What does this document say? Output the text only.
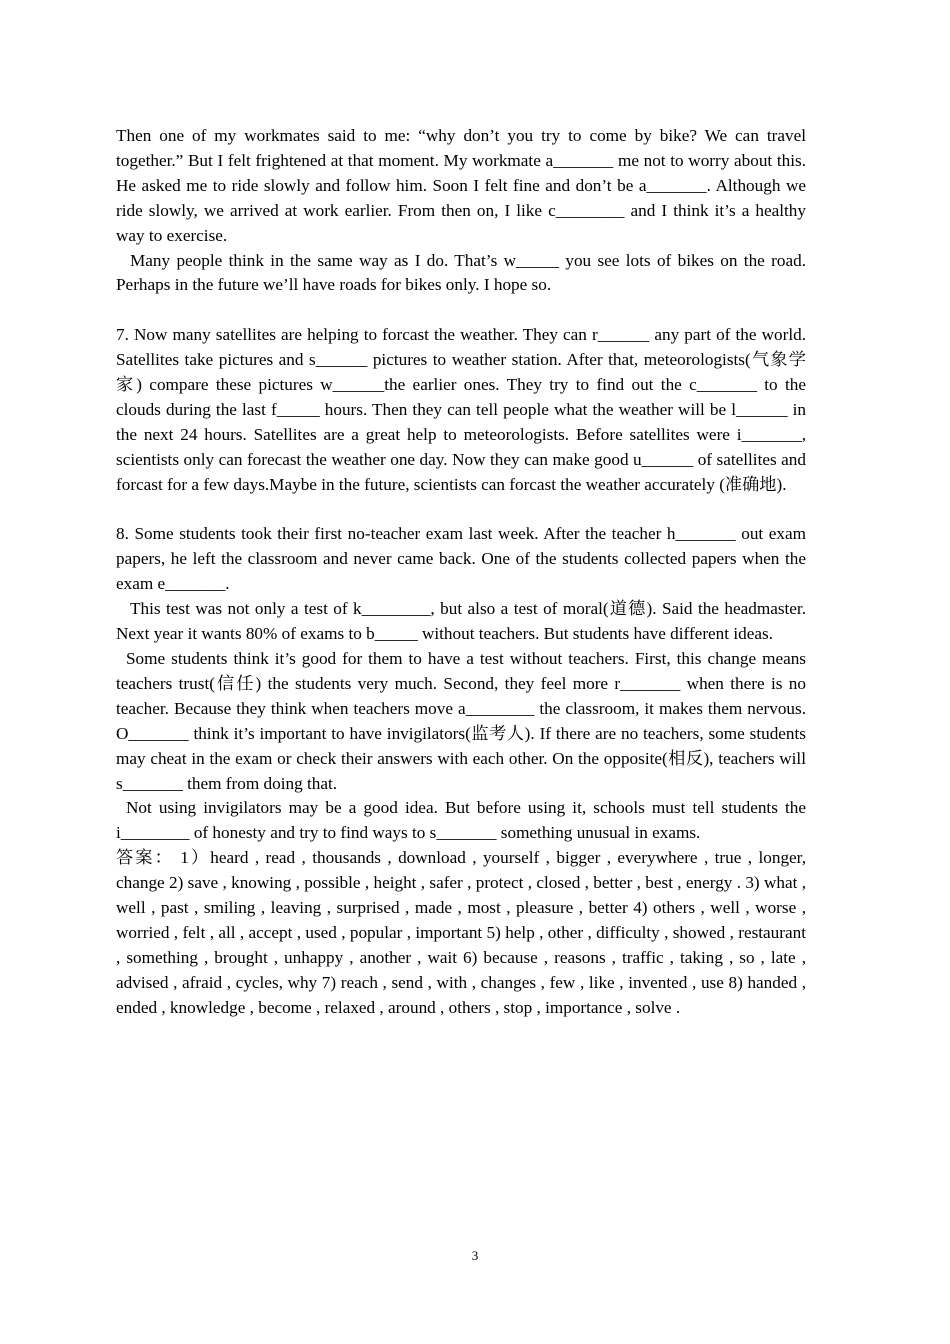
Then one of my workmates said to me: “why don’t you try to come by bike? We can travel together.” But I felt frightened at that moment. My workmate a_______ me not to worry about this. He asked me to ride slowly and follow him. Soon I felt fine and don’t be a_______. Although we ride slowly, we arrived at work earlier. From then on, I like c________ and I think it’s a healthy way to exercise.

Many people think in the same way as I do. That’s w_____ you see lots of bikes on the road. Perhaps in the future we’ll have roads for bikes only. I hope so.

7. Now many satellites are helping to forcast the weather. They can r______ any part of the world. Satellites take pictures and s______ pictures to weather station. After that, meteorologists(气象学家) compare these pictures w______the earlier ones. They try to find out the c_______ to the clouds during the last f_____ hours. Then they can tell people what the weather will be l______ in the next 24 hours. Satellites are a great help to meteorologists. Before satellites were i_______, scientists only can forecast the weather one day. Now they can make good u______ of satellites and forcast for a few days.Maybe in the future, scientists can forcast the weather accurately (准确地).

8. Some students took their first no-teacher exam last week. After the teacher h_______ out exam papers, he left the classroom and never came back. One of the students collected papers when the exam e_______.

This test was not only a test of k________, but also a test of moral(道德). Said the headmaster. Next year it wants 80% of exams to b_____ without teachers. But students have different ideas.

Some students think it’s good for them to have a test without teachers. First, this change means teachers trust(信任) the students very much. Second, they feel more r_______ when there is no teacher. Because they think when teachers move a________ the classroom, it makes them nervous. O_______ think it’s important to have invigilators(监考人). If there are no teachers, some students may cheat in the exam or check their answers with each other. On the opposite(相反), teachers will s_______ them from doing that.

Not using invigilators may be a good idea. But before using it, schools must tell students the i________ of honesty and try to find ways to s_______ something unusual in exams.

答案： 1）heard , read , thousands , download , yourself , bigger , everywhere , true , longer, change 2) save , knowing , possible , height , safer , protect , closed , better , best , energy . 3) what , well , past , smiling , leaving , surprised , made , most , pleasure , better 4) others , well , worse , worried , felt , all , accept , used , popular , important 5) help , other , difficulty , showed , restaurant , something , brought , unhappy , another , wait 6) because , reasons , traffic , taking , so , late , advised , afraid , cycles, why 7) reach , send , with , changes , few , like , invented , use 8) handed , ended , knowledge , become , relaxed , around , others , stop , importance , solve .

3
